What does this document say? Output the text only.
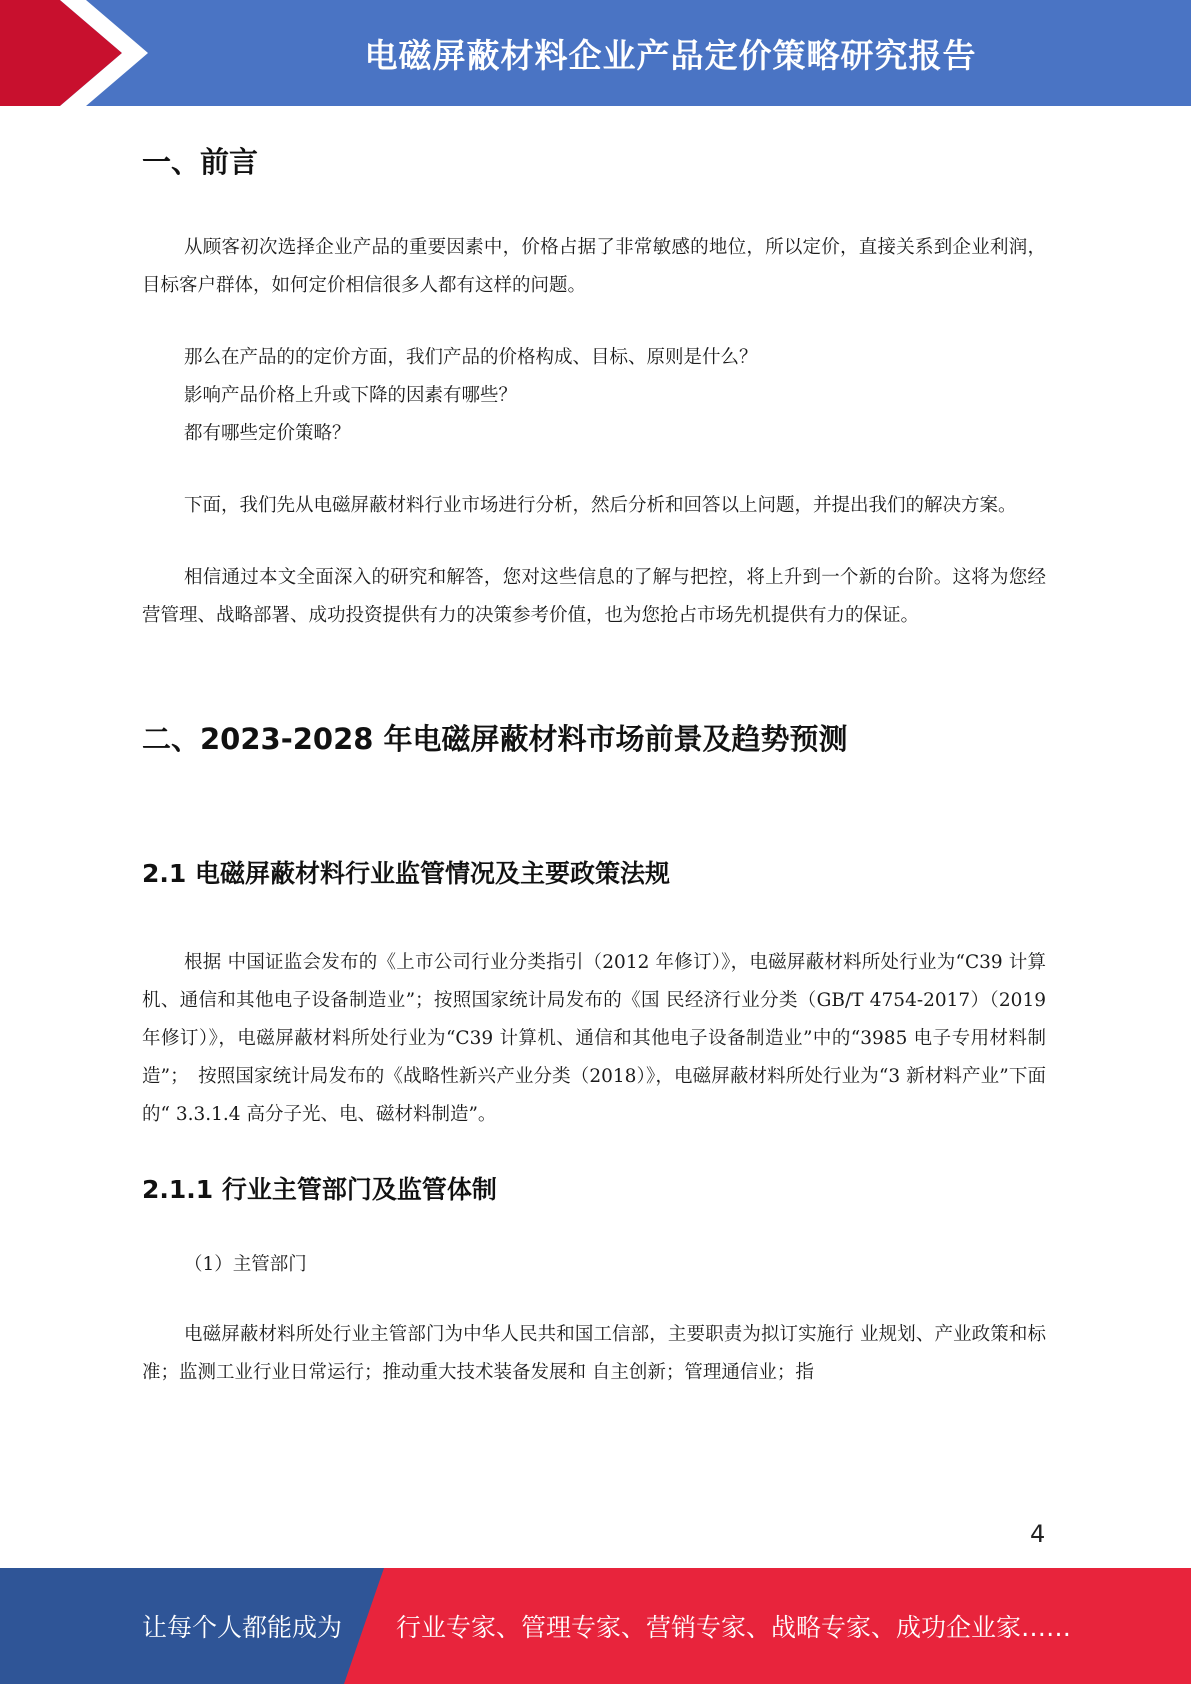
电磁屏蔽材料企业产品定价策略研究报告
一、前言

从顾客初次选择企业产品的重要因素中，价格占据了非常敏感的地位，所以定价，直接关系到企业利润，目标客户群体，如何定价相信很多人都有这样的问题。

那么在产品的的定价方面，我们产品的价格构成、目标、原则是什么？

影响产品价格上升或下降的因素有哪些？

都有哪些定价策略？

下面，我们先从电磁屏蔽材料行业市场进行分析，然后分析和回答以上问题，并提出我们的解决方案。

相信通过本文全面深入的研究和解答，您对这些信息的了解与把控，将上升到一个新的台阶。这将为您经营管理、战略部署、成功投资提供有力的决策参考价值，也为您抢占市场先机提供有力的保证。

二、2023-2028 年电磁屏蔽材料市场前景及趋势预测
2.1 电磁屏蔽材料行业监管情况及主要政策法规

根据 中国证监会发布的《上市公司行业分类指引（2012 年修订）》，电磁屏蔽材料所处行业为“C39 计算机、通信和其他电子设备制造业”；按照国家统计局发布的《国 民经济行业分类（GB/T 4754-2017）（2019 年修订）》，电磁屏蔽材料所处行业为“C39 计算机、通信和其他电子设备制造业”中的“3985 电子专用材料制造”；　按照国家统计局发布的《战略性新兴产业分类（2018）》，电磁屏蔽材料所处行业为“3 新材料产业”下面的“ 3.3.1.4 高分子光、电、磁材料制造”。

2.1.1 行业主管部门及监管体制

（1）主管部门

电磁屏蔽材料所处行业主管部门为中华人民共和国工信部，主要职责为拟订实施行 业规划、产业政策和标准；监测工业行业日常运行；推动重大技术装备发展和 自主创新；管理通信业；指

4
让每个人都能成为 行业专家、管理专家、营销专家、战略专家、成功企业家……
